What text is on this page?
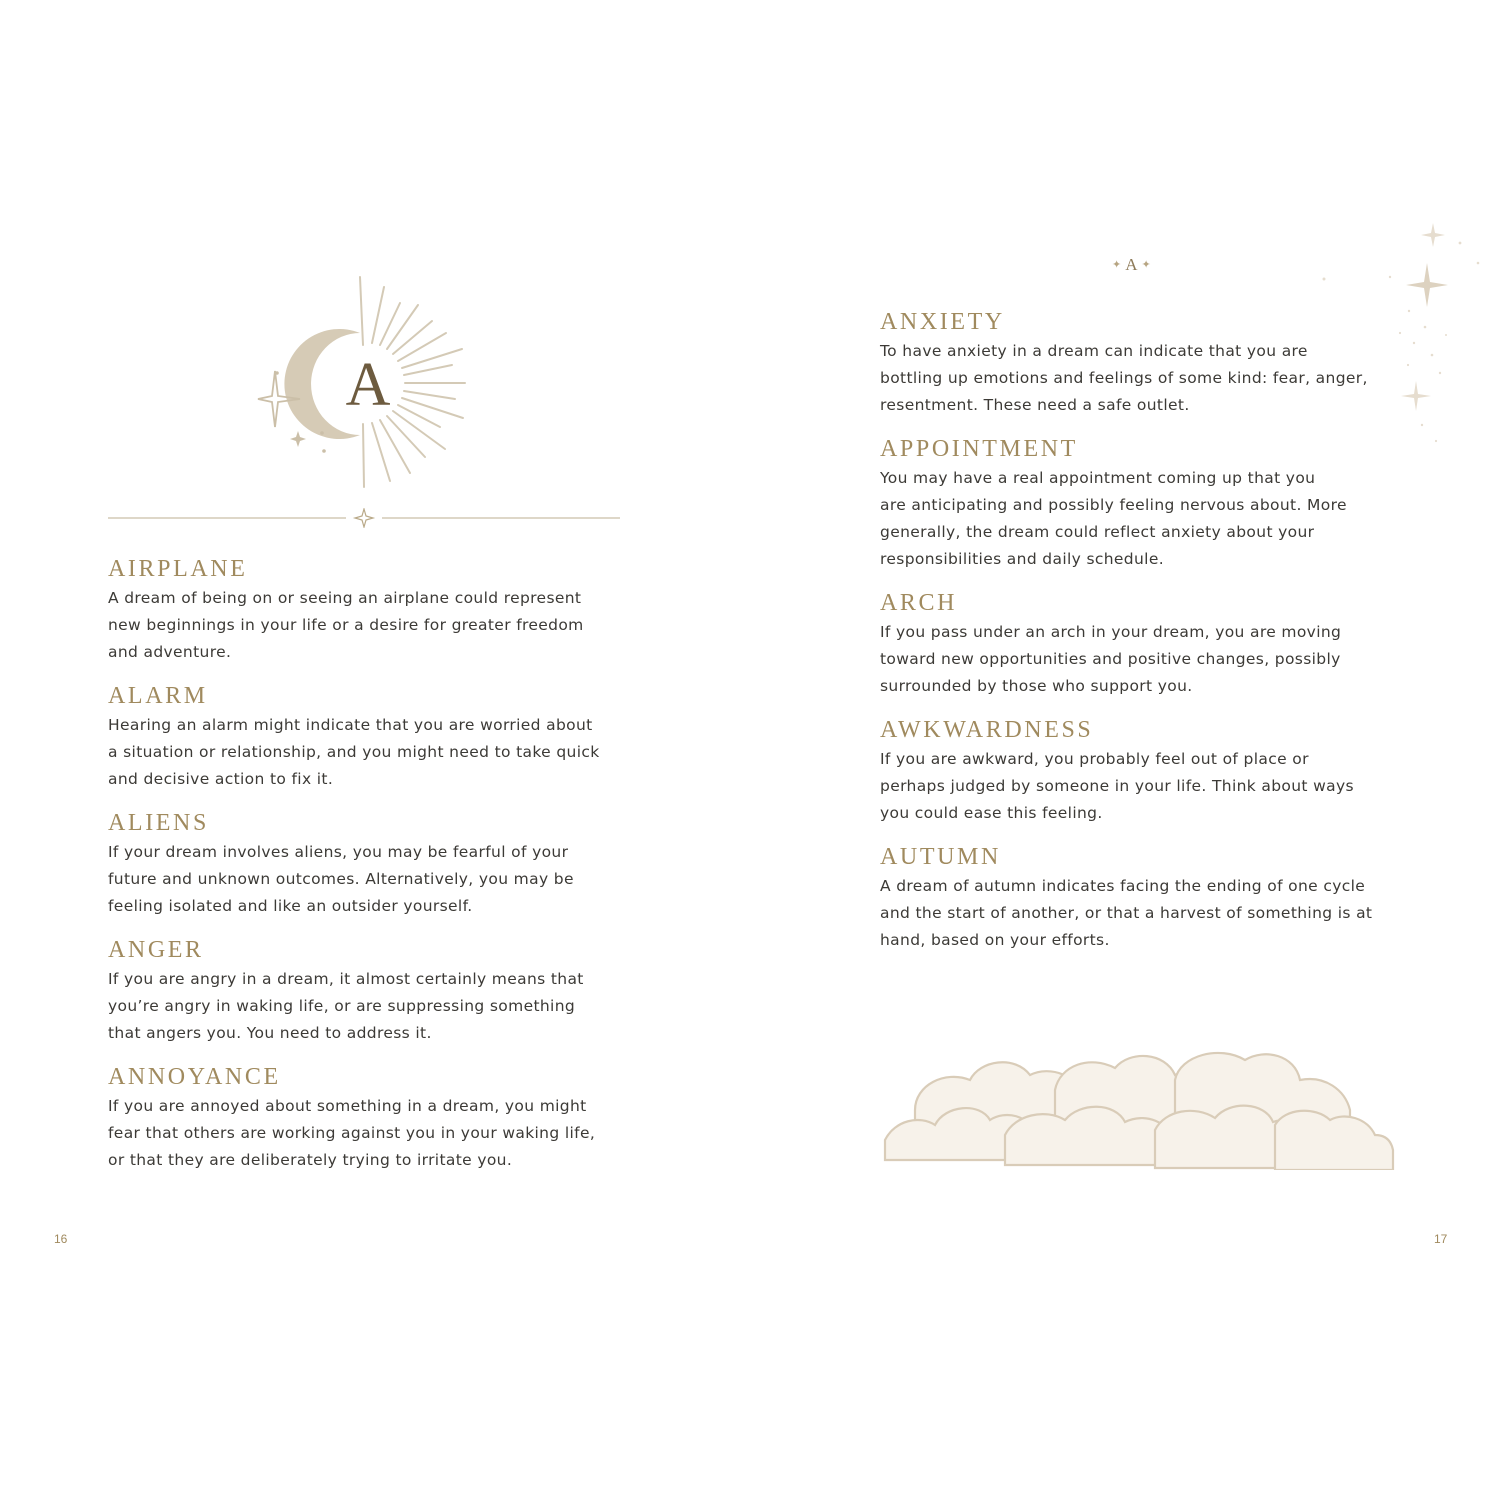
A
AIRPLANE

A dream of being on or seeing an airplane could represent
new beginnings in your life or a desire for greater freedom
and adventure.

ALARM

Hearing an alarm might indicate that you are worried about
a situation or relationship, and you might need to take quick
and decisive action to fix it.

ALIENS

If your dream involves aliens, you may be fearful of your
future and unknown outcomes. Alternatively, you may be
feeling isolated and like an outsider yourself.

ANGER

If you are angry in a dream, it almost certainly means that
you’re angry in waking life, or are suppressing something
that angers you. You need to address it.

ANNOYANCE

If you are annoyed about something in a dream, you might
fear that others are working against you in your waking life,
or that they are deliberately trying to irritate you.

16
✦ A ✦
ANXIETY

To have anxiety in a dream can indicate that you are
bottling up emotions and feelings of some kind: fear, anger,
resentment. These need a safe outlet.

APPOINTMENT

You may have a real appointment coming up that you
are anticipating and possibly feeling nervous about. More
generally, the dream could reflect anxiety about your
responsibilities and daily schedule.

ARCH

If you pass under an arch in your dream, you are moving
toward new opportunities and positive changes, possibly
surrounded by those who support you.

AWKWARDNESS

If you are awkward, you probably feel out of place or
perhaps judged by someone in your life. Think about ways
you could ease this feeling.

AUTUMN

A dream of autumn indicates facing the ending of one cycle
and the start of another, or that a harvest of something is at
hand, based on your efforts.

17
